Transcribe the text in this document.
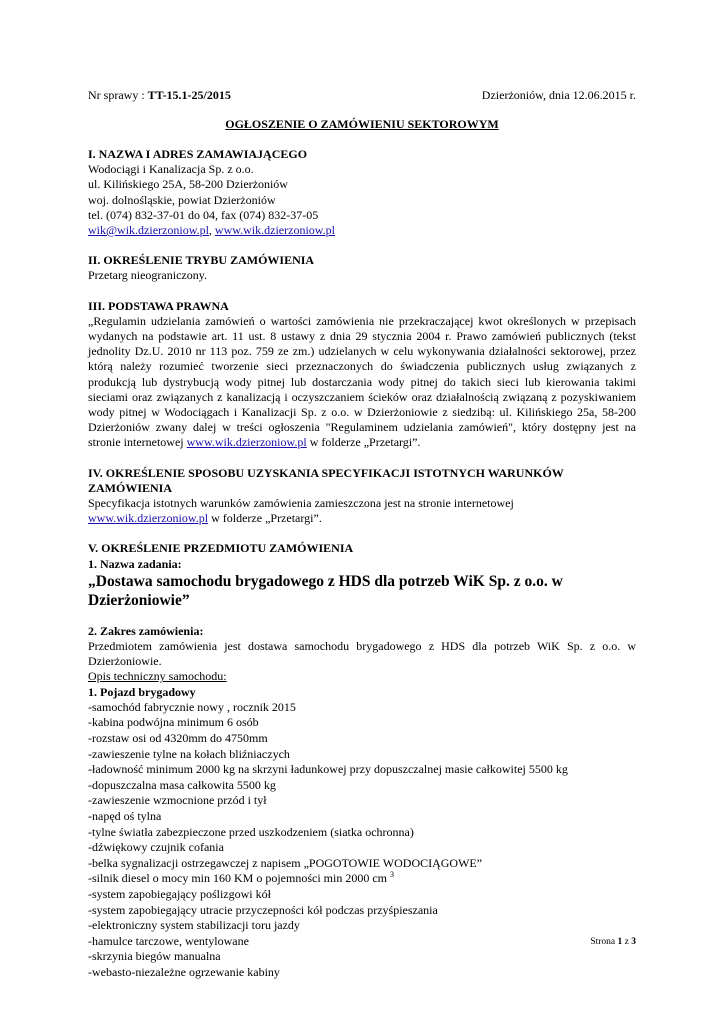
Nr sprawy : TT-15.1-25/2015	Dzierżoniów, dnia 12.06.2015 r.
OGŁOSZENIE O ZAMÓWIENIU SEKTOROWYM

I. NAZWA I ADRES ZAMAWIAJĄCEGO

Wodociągi i Kanalizacja Sp. z o.o.

ul. Kilińskiego 25A, 58-200 Dzierżoniów

woj. dolnośląskie, powiat Dzierżoniów

tel. (074) 832-37-01 do 04, fax (074) 832-37-05

wik@wik.dzierzoniow.pl, www.wik.dzierzoniow.pl

II. OKREŚLENIE TRYBU ZAMÓWIENIA

Przetarg nieograniczony.

III. PODSTAWA PRAWNA

„Regulamin udzielania zamówień o wartości zamówienia nie przekraczającej kwot określonych w przepisach wydanych na podstawie art. 11 ust. 8 ustawy z dnia 29 stycznia 2004 r. Prawo zamówień publicznych (tekst jednolity Dz.U. 2010 nr 113 poz. 759 ze zm.) udzielanych w celu wykonywania działalności sektorowej, przez którą należy rozumieć tworzenie sieci przeznaczonych do świadczenia publicznych usług związanych z produkcją lub dystrybucją wody pitnej lub dostarczania wody pitnej do takich sieci lub kierowania takimi sieciami oraz związanych z kanalizacją i oczyszczaniem ścieków oraz działalnością związaną z pozyskiwaniem wody pitnej w Wodociągach i Kanalizacji Sp. z o.o. w Dzierżoniowie z siedzibą: ul. Kilińskiego 25a, 58-200 Dzierżoniów zwany dalej w treści ogłoszenia "Regulaminem udzielania zamówień", który dostępny jest na stronie internetowej www.wik.dzierzoniow.pl w folderze „Przetargi”.

IV. OKREŚLENIE SPOSOBU UZYSKANIA SPECYFIKACJI ISTOTNYCH WARUNKÓW ZAMÓWIENIA

Specyfikacja istotnych warunków zamówienia zamieszczona jest na stronie internetowej

www.wik.dzierzoniow.pl w folderze „Przetargi”.

V. OKREŚLENIE PRZEDMIOTU ZAMÓWIENIA

1. Nazwa zadania:

„Dostawa samochodu brygadowego z HDS dla potrzeb WiK Sp. z o.o. w Dzierżoniowie”

2. Zakres zamówienia:

Przedmiotem zamówienia jest dostawa samochodu brygadowego z HDS dla potrzeb WiK Sp. z o.o. w Dzierżoniowie.

Opis techniczny samochodu:

1. Pojazd brygadowy

-samochód fabrycznie nowy , rocznik 2015
-kabina podwójna minimum 6 osób
-rozstaw osi od 4320mm do 4750mm
-zawieszenie tylne na kołach bliźniaczych
-ładowność minimum 2000 kg na skrzyni ładunkowej przy dopuszczalnej masie całkowitej 5500 kg
-dopuszczalna masa całkowita 5500 kg
-zawieszenie wzmocnione przód i tył
-napęd oś tylna
-tylne światła zabezpieczone przed uszkodzeniem (siatka ochronna)
-dźwiękowy czujnik cofania
-belka sygnalizacji ostrzegawczej z napisem „POGOTOWIE WODOCIĄGOWE”
-silnik diesel o mocy min 160 KM o pojemności min 2000 cm $^3$
-system zapobiegający poślizgowi kół
-system zapobiegający utracie przyczepności kół podczas przyśpieszania
-elektroniczny system stabilizacji toru jazdy
-hamulce tarczowe, wentylowane
-skrzynia biegów manualna
-webasto-niezależne ogrzewanie kabiny
Strona 1 z 3
